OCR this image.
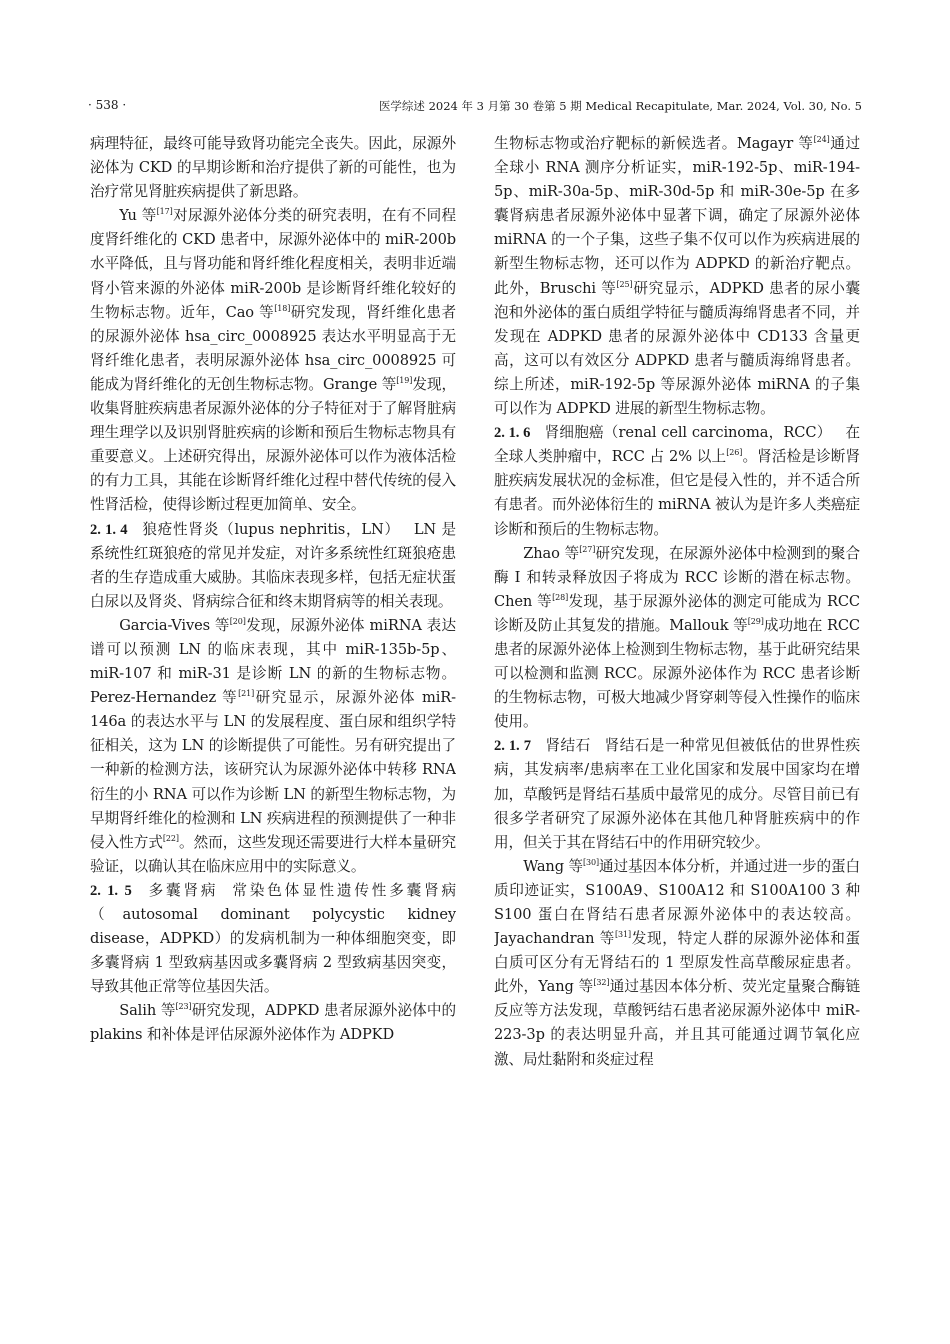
· 538 ·	医学综述 2024 年 3 月第 30 卷第 5 期 Medical Recapitulate, Mar. 2024, Vol. 30, No. 5

病理特征，最终可能导致肾功能完全丧失。因此，尿源外泌体为 CKD 的早期诊断和治疗提供了新的可能性，也为治疗常见肾脏疾病提供了新思路。

Yu 等[17]对尿源外泌体分类的研究表明，在有不同程度肾纤维化的 CKD 患者中，尿源外泌体中的 miR-200b 水平降低，且与肾功能和肾纤维化程度相关，表明非近端肾小管来源的外泌体 miR-200b 是诊断肾纤维化较好的生物标志物。近年，Cao 等[18]研究发现，肾纤维化患者的尿源外泌体 hsa_circ_0008925 表达水平明显高于无肾纤维化患者，表明尿源外泌体 hsa_circ_0008925 可能成为肾纤维化的无创生物标志物。Grange 等[19]发现，收集肾脏疾病患者尿源外泌体的分子特征对于了解肾脏病理生理学以及识别肾脏疾病的诊断和预后生物标志物具有重要意义。上述研究得出，尿源外泌体可以作为液体活检的有力工具，其能在诊断肾纤维化过程中替代传统的侵入性肾活检，使得诊断过程更加简单、安全。

2. 1. 4 狼疮性肾炎（lupus nephritis，LN） LN 是系统性红斑狼疮的常见并发症，对许多系统性红斑狼疮患者的生存造成重大威胁。其临床表现多样，包括无症状蛋白尿以及肾炎、肾病综合征和终末期肾病等的相关表现。

Garcia-Vives 等[20]发现，尿源外泌体 miRNA 表达谱可以预测 LN 的临床表现，其中 miR-135b-5p、miR-107 和 miR-31 是诊断 LN 的新的生物标志物。Perez-Hernandez 等[21]研究显示，尿源外泌体 miR-146a 的表达水平与 LN 的发展程度、蛋白尿和组织学特征相关，这为 LN 的诊断提供了可能性。另有研究提出了一种新的检测方法，该研究认为尿源外泌体中转移 RNA 衍生的小 RNA 可以作为诊断 LN 的新型生物标志物，为早期肾纤维化的检测和 LN 疾病进程的预测提供了一种非侵入性方式[22]。然而，这些发现还需要进行大样本量研究验证，以确认其在临床应用中的实际意义。

2. 1. 5 多囊肾病 常染色体显性遗传性多囊肾病（autosomal dominant polycystic kidney disease，ADPKD）的发病机制为一种体细胞突变，即多囊肾病 1 型致病基因或多囊肾病 2 型致病基因突变，导致其他正常等位基因失活。

Salih 等[23]研究发现，ADPKD 患者尿源外泌体中的 plakins 和补体是评估尿源外泌体作为 ADPKD

生物标志物或治疗靶标的新候选者。Magayr 等[24]通过全球小 RNA 测序分析证实，miR-192-5p、miR-194-5p、miR-30a-5p、miR-30d-5p 和 miR-30e-5p 在多囊肾病患者尿源外泌体中显著下调，确定了尿源外泌体 miRNA 的一个子集，这些子集不仅可以作为疾病进展的新型生物标志物，还可以作为 ADPKD 的新治疗靶点。此外，Bruschi 等[25]研究显示，ADPKD 患者的尿小囊泡和外泌体的蛋白质组学特征与髓质海绵肾患者不同，并发现在 ADPKD 患者的尿源外泌体中 CD133 含量更高，这可以有效区分 ADPKD 患者与髓质海绵肾患者。综上所述，miR-192-5p 等尿源外泌体 miRNA 的子集可以作为 ADPKD 进展的新型生物标志物。

2. 1. 6 肾细胞癌（renal cell carcinoma，RCC） 在全球人类肿瘤中，RCC 占 2% 以上[26]。肾活检是诊断肾脏疾病发展状况的金标准，但它是侵入性的，并不适合所有患者。而外泌体衍生的 miRNA 被认为是许多人类癌症诊断和预后的生物标志物。

Zhao 等[27]研究发现，在尿源外泌体中检测到的聚合酶 Ⅰ 和转录释放因子将成为 RCC 诊断的潜在标志物。Chen 等[28]发现，基于尿源外泌体的测定可能成为 RCC 诊断及防止其复发的措施。Mallouk 等[29]成功地在 RCC 患者的尿源外泌体上检测到生物标志物，基于此研究结果可以检测和监测 RCC。尿源外泌体作为 RCC 患者诊断的生物标志物，可极大地减少肾穿刺等侵入性操作的临床使用。

2. 1. 7 肾结石 肾结石是一种常见但被低估的世界性疾病，其发病率/患病率在工业化国家和发展中国家均在增加，草酸钙是肾结石基质中最常见的成分。尽管目前已有很多学者研究了尿源外泌体在其他几种肾脏疾病中的作用，但关于其在肾结石中的作用研究较少。

Wang 等[30]通过基因本体分析，并通过进一步的蛋白质印迹证实，S100A9、S100A12 和 S100A100 3 种 S100 蛋白在肾结石患者尿源外泌体中的表达较高。Jayachandran 等[31]发现，特定人群的尿源外泌体和蛋白质可区分有无肾结石的 1 型原发性高草酸尿症患者。此外，Yang 等[32]通过基因本体分析、荧光定量聚合酶链反应等方法发现，草酸钙结石患者泌尿源外泌体中 miR-223-3p 的表达明显升高，并且其可能通过调节氧化应激、局灶黏附和炎症过程
